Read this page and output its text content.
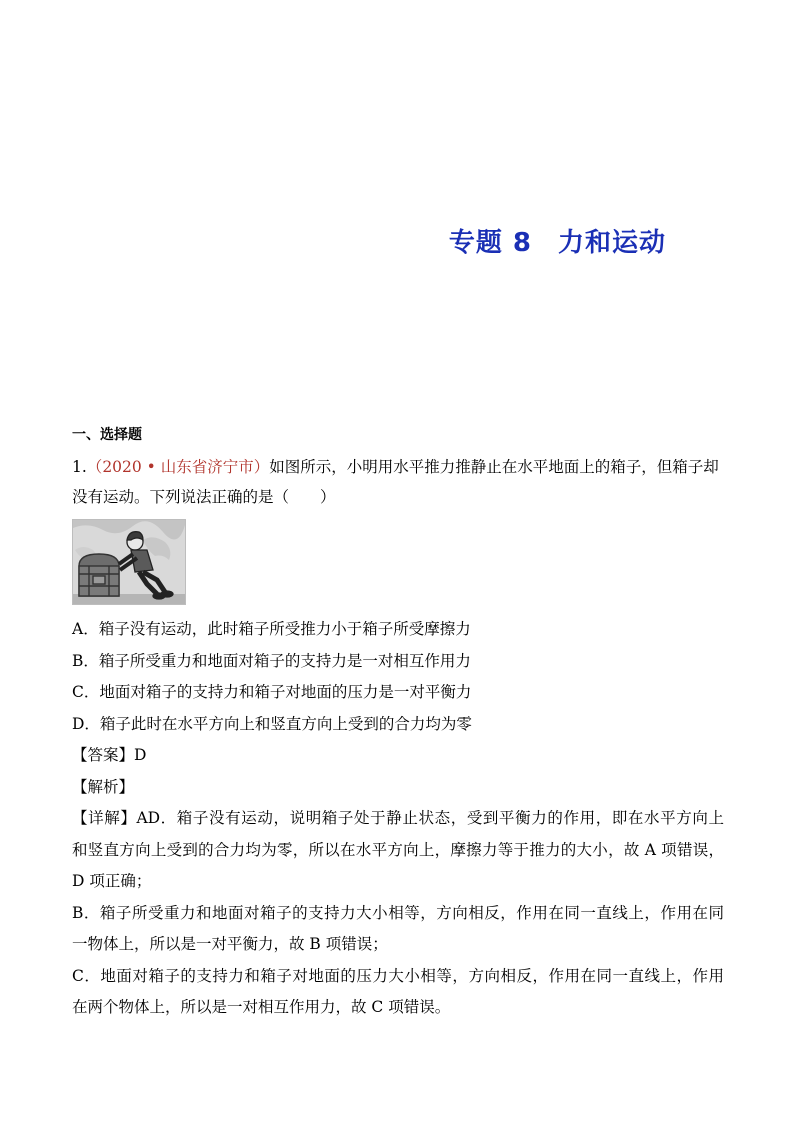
专题 8 力和运动
一、选择题
1.（2020 • 山东省济宁市）如图所示，小明用水平推力推静止在水平地面上的箱子，但箱子却
没有运动。下列说法正确的是（　　）
A．箱子没有运动，此时箱子所受推力小于箱子所受摩擦力
B．箱子所受重力和地面对箱子的支持力是一对相互作用力
C．地面对箱子的支持力和箱子对地面的压力是一对平衡力
D．箱子此时在水平方向上和竖直方向上受到的合力均为零
【答案】D
【解析】
【详解】AD．箱子没有运动，说明箱子处于静止状态，受到平衡力的作用，即在水平方向上
和竖直方向上受到的合力均为零，所以在水平方向上，摩擦力等于推力的大小，故 A 项错误，
D 项正确；
B．箱子所受重力和地面对箱子的支持力大小相等，方向相反，作用在同一直线上，作用在同
一物体上，所以是一对平衡力，故 B 项错误；
C．地面对箱子的支持力和箱子对地面的压力大小相等，方向相反，作用在同一直线上，作用
在两个物体上，所以是一对相互作用力，故 C 项错误。
